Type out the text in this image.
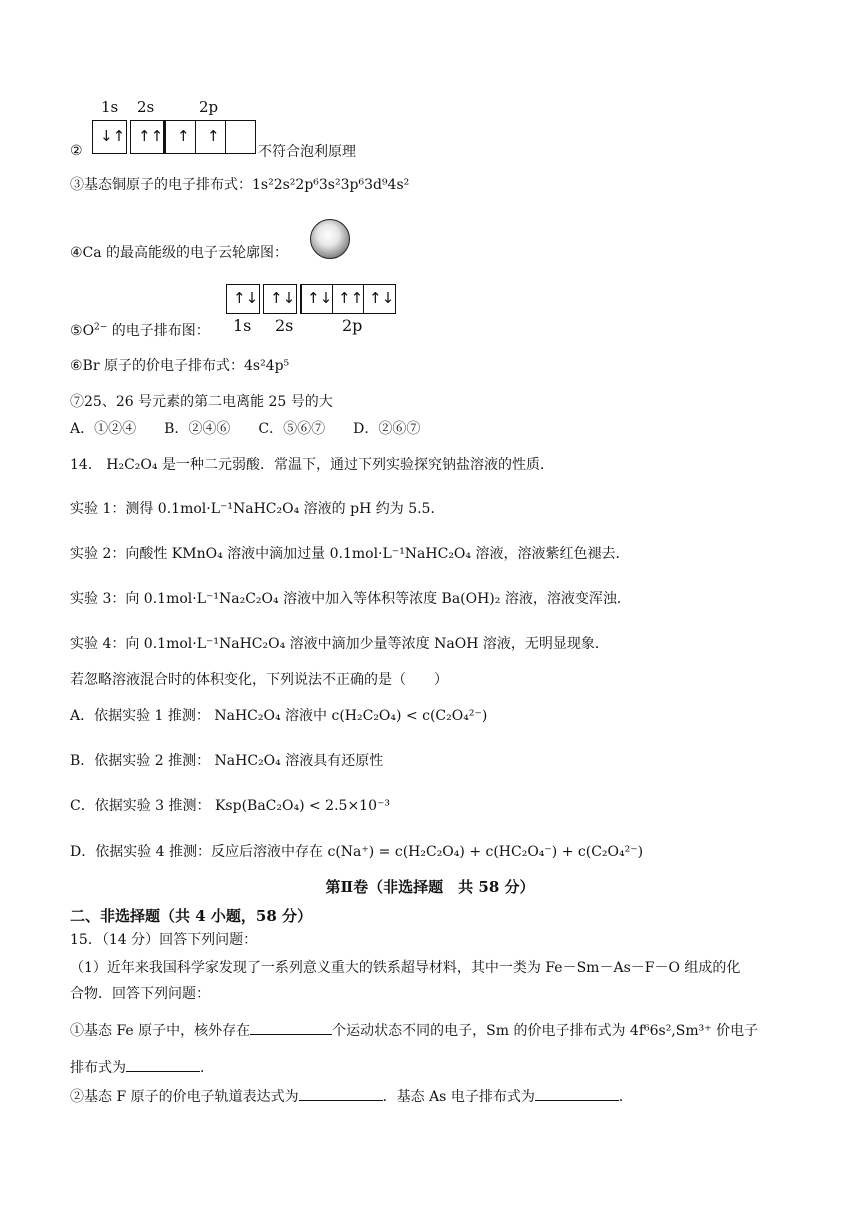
②
1s 2s	2p
↓↑ ↑↑ ↑ ↑
不符合泡利原理
③基态铜原子的电子排布式：1s²2s²2p⁶3s²3p⁶3d⁹4s²
④Ca 的最高能级的电子云轮廓图：
↑↓ ↑↓ ↑↓ ↑↑ ↑↓
1s 2s	2p
$⑤O^{2-}$ 的电子排布图：
⑥Br 原子的价电子排布式：4s²4p⁵
⑦25、26 号元素的第二电离能 25 号的大
A．①②④　　B．②④⑥　　C．⑤⑥⑦　　D．②⑥⑦
14． H₂C₂O₄ 是一种二元弱酸．常温下，通过下列实验探究钠盐溶液的性质．
实验 1：测得 0.1mol·L⁻¹NaHC₂O₄ 溶液的 pH 约为 5.5．
实验 2：向酸性 KMnO₄ 溶液中滴加过量 0.1mol·L⁻¹NaHC₂O₄ 溶液，溶液紫红色褪去．
实验 3：向 0.1mol·L⁻¹Na₂C₂O₄ 溶液中加入等体积等浓度 Ba(OH)₂ 溶液，溶液变浑浊．
实验 4：向 0.1mol·L⁻¹NaHC₂O₄ 溶液中滴加少量等浓度 NaOH 溶液，无明显现象．
若忽略溶液混合时的体积变化，下列说法不正确的是（　　）
A．依据实验 1 推测： NaHC₂O₄ 溶液中 c(H₂C₂O₄) < c(C₂O₄²⁻)
B．依据实验 2 推测： NaHC₂O₄ 溶液具有还原性
C．依据实验 3 推测： Ksp(BaC₂O₄) < 2.5×10⁻³
D．依据实验 4 推测：反应后溶液中存在 c(Na⁺) = c(H₂C₂O₄) + c(HC₂O₄⁻) + c(C₂O₄²⁻)
第Ⅱ卷（非选择题　共 58 分）
二、非选择题（共 4 小题，58 分）
15．（14 分）回答下列问题：
（1）近年来我国科学家发现了一系列意义重大的铁系超导材料，其中一类为 Fe－Sm－As－F－O 组成的化
合物．回答下列问题：
①基态 Fe 原子中，核外存在	个运动状态不同的电子，Sm 的价电子排布式为 4f⁶6s²,Sm³⁺ 价电子
排布式为	．
②基态 F 原子的价电子轨道表达式为	．基态 As 电子排布式为	．
